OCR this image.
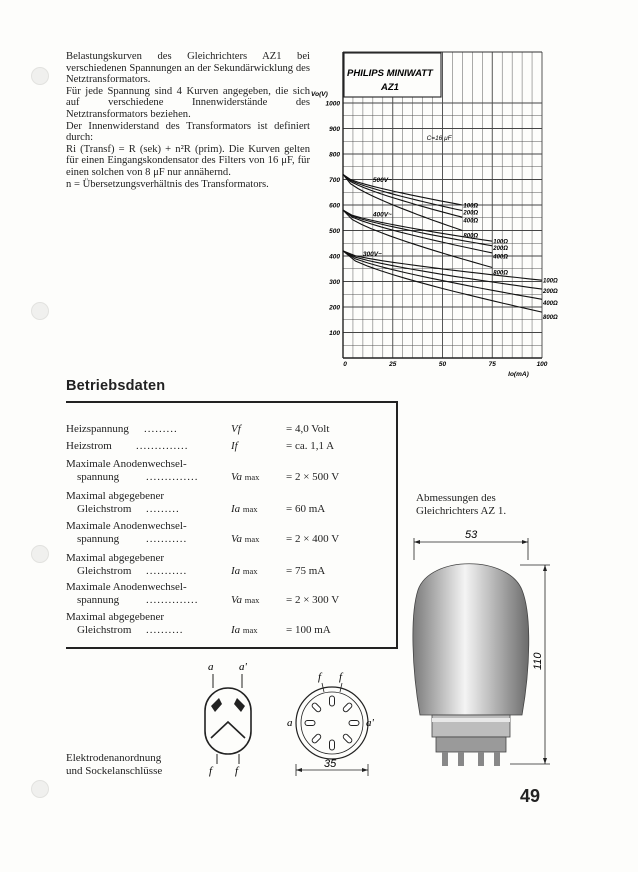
Belastungskurven des Gleichrichters AZ1 bei verschiedenen Spannungen an der Sekundärwicklung des Netztransformators.

Für jede Spannung sind 4 Kurven angegeben, die sich auf verschiedene Innenwiderstände des Netztransformators beziehen.

Der Innenwiderstand des Transformators ist definiert durch:

Ri (Transf) = R (sek) + n²R (prim). Die Kurven gelten für einen Eingangskondensator des Filters von 16 μF, für einen solchen von 8 μF nur annähernd.

n = Übersetzungsverhältnis des Transformators.

PHILIPS MINIWATT
AZ1
Vo(V)
Io(mA)
100
200
300
400
500
600
700
800
900
1000
0	25	50	75	100
C=16 μF
100Ω
200Ω
400Ω
800Ω
500V~
100Ω
200Ω
400Ω
800Ω
400V~
100Ω
200Ω
400Ω
800Ω
300V~
Betriebsdaten
Heizspannung .........	Vf	= 4,0 Volt
Heizstrom ..............	If	= ca. 1,1 A
Maximale Anodenwechsel-
spannung ..............	Va max = 2 × 500 V
Maximal abgegebener
Gleichstrom .........	Ia max	= 60 mA
Maximale Anodenwechsel-
spannung ...........	Va max = 2 × 400 V
Maximal abgegebener
Gleichstrom ...........	Ia max	= 75 mA
Maximale Anodenwechsel-
spannung ..............	Va max = 2 × 300 V
Maximal abgegebener
Gleichstrom ..........	Ia max	= 100 mA
Abmessungen des
Gleichrichters AZ 1.
53
110
a a'
f f
f f
a	a'
35
Elektrodenanordnung
und Sockelanschlüsse
49
